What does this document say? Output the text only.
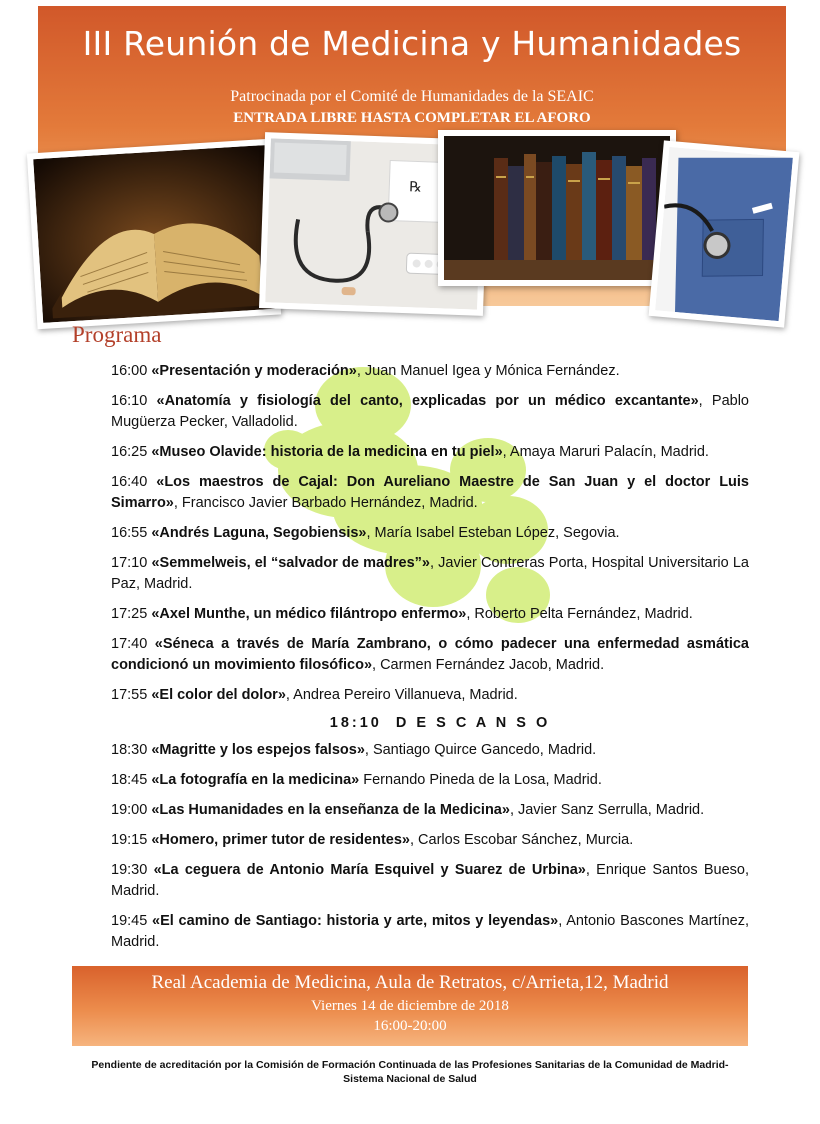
III Reunión de Medicina y Humanidades
Patrocinada por el Comité de Humanidades de la SEAIC
ENTRADA LIBRE HASTA COMPLETAR EL AFORO
℞
Programa
16:00 «Presentación y moderación», Juan Manuel Igea y Mónica Fernández.
16:10 «Anatomía y fisiología del canto, explicadas por un médico excantante», Pablo Mugüerza Pecker, Valladolid.
16:25 «Museo Olavide: historia de la medicina en tu piel», Amaya Maruri Palacín, Madrid.
16:40 «Los maestros de Cajal: Don Aureliano Maestre de San Juan y el doctor Luis Simarro», Francisco Javier Barbado Hernández, Madrid.
16:55 «Andrés Laguna, Segobiensis», María Isabel Esteban López, Segovia.
17:10 «Semmelweis, el “salvador de madres”», Javier Contreras Porta, Hospital Universitario La Paz, Madrid.
17:25 «Axel Munthe, un médico filántropo enfermo», Roberto Pelta Fernández, Madrid.
17:40 «Séneca a través de María Zambrano, o cómo padecer una enfermedad asmática condicionó un movimiento filosófico», Carmen Fernández Jacob, Madrid.
17:55 «El color del dolor», Andrea Pereiro Villanueva, Madrid.
18:10 D E S C A N S O
18:30 «Magritte y los espejos falsos», Santiago Quirce Gancedo, Madrid.
18:45 «La fotografía en la medicina» Fernando Pineda de la Losa, Madrid.
19:00 «Las Humanidades en la enseñanza de la Medicina», Javier Sanz Serrulla, Madrid.
19:15 «Homero, primer tutor de residentes», Carlos Escobar Sánchez, Murcia.
19:30 «La ceguera de Antonio María Esquivel y Suarez de Urbina», Enrique Santos Bueso, Madrid.
19:45 «El camino de Santiago: historia y arte, mitos y leyendas», Antonio Bascones Martínez, Madrid.
Real Academia de Medicina, Aula de Retratos, c/Arrieta,12, Madrid
Viernes 14 de diciembre de 2018
16:00-20:00
Pendiente de acreditación por la Comisión de Formación Continuada de las Profesiones Sanitarias de la Comunidad de Madrid-
Sistema Nacional de Salud
